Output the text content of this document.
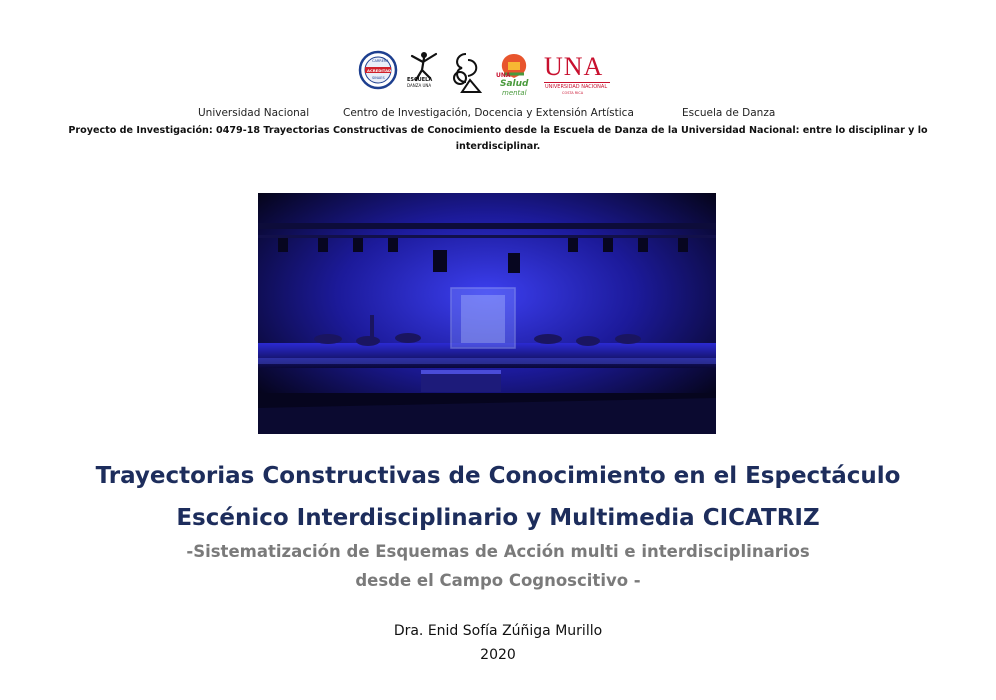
CARRERA
ACREDITADA
SINAES	ESCUELA
DANZA UNA
UNA
Salud
mental
UNA
UNIVERSIDAD NACIONAL
COSTA RICA
Universidad Nacional	Centro de Investigación, Docencia y Extensión Artística	Escuela de Danza
Proyecto de Investigación: 0479-18 Trayectorias Constructivas de Conocimiento desde la Escuela de Danza de la Universidad Nacional: entre lo disciplinar y lo
interdisciplinar.
Trayectorias Constructivas de Conocimiento en el Espectáculo
Escénico Interdisciplinario y Multimedia CICATRIZ
-Sistematización de Esquemas de Acción multi e interdisciplinarios
desde el Campo Cognoscitivo -
Dra. Enid Sofía Zúñiga Murillo
2020
